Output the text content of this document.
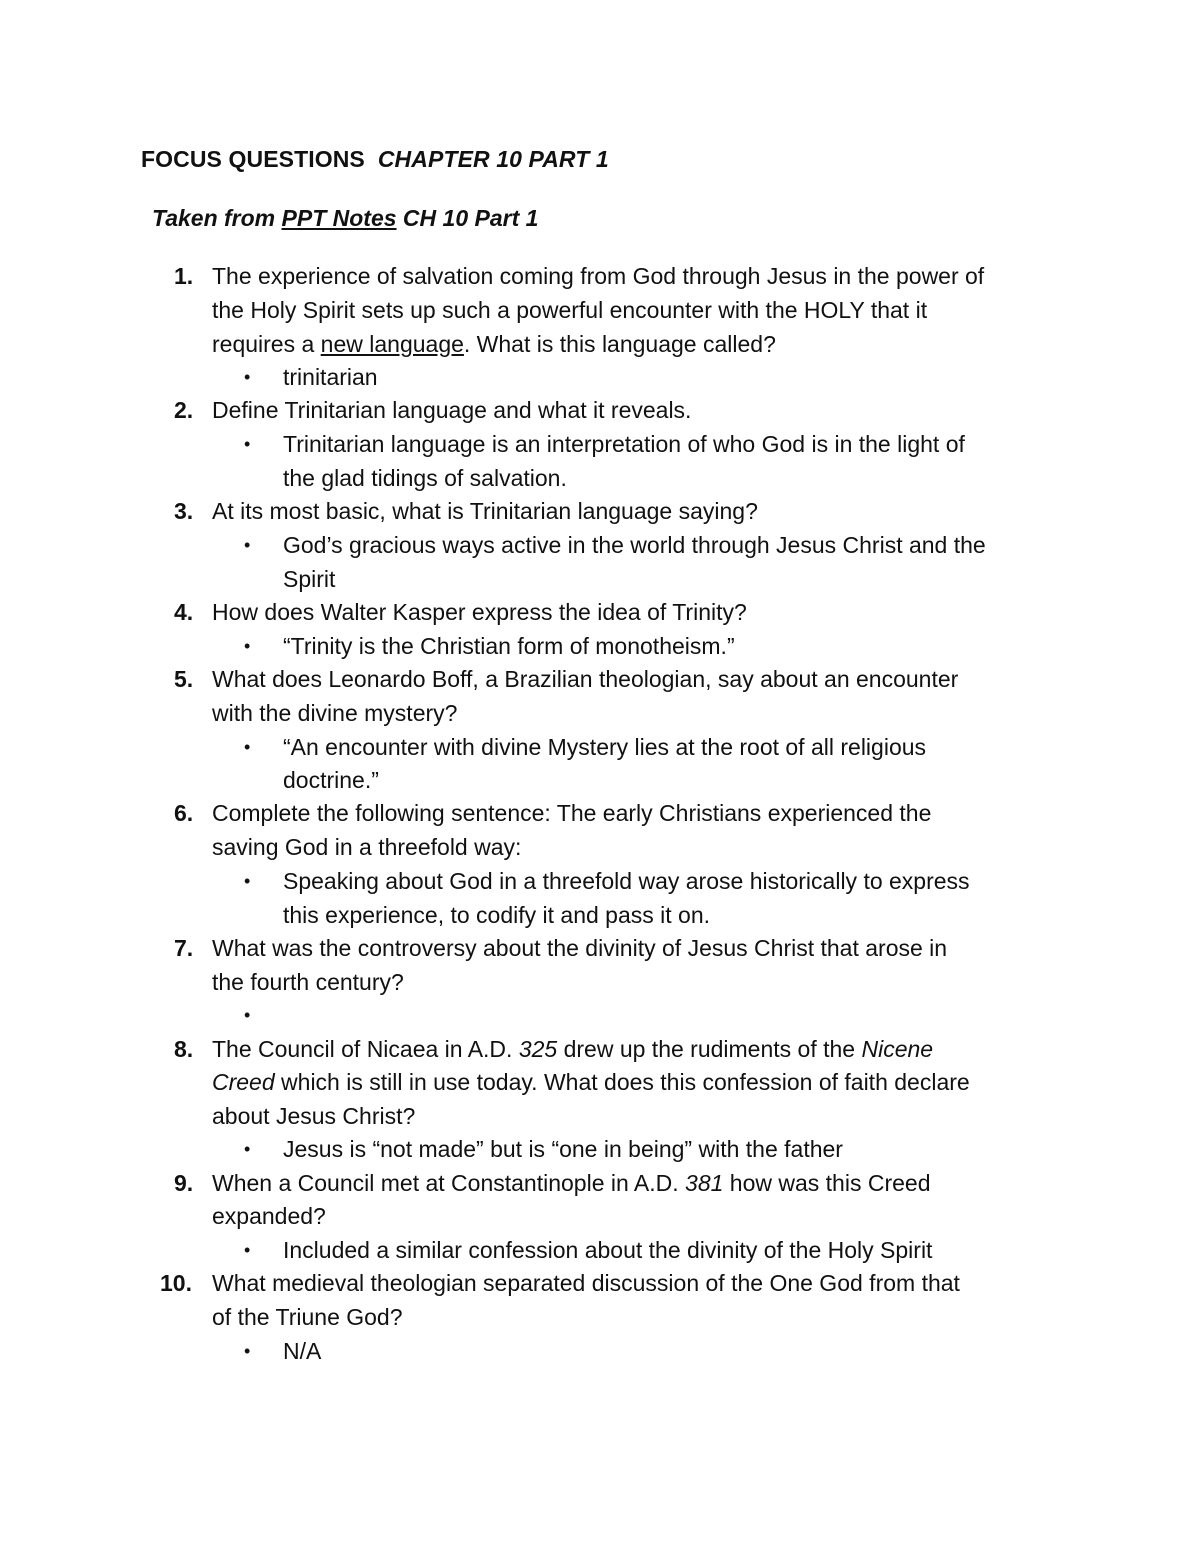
FOCUS QUESTIONS CHAPTER 10 PART 1
Taken from PPT Notes CH 10 Part 1
1. The experience of salvation coming from God through Jesus in the power of
the Holy Spirit sets up such a powerful encounter with the HOLY that it
requires a new language. What is this language called?
• trinitarian
2. Define Trinitarian language and what it reveals.
• Trinitarian language is an interpretation of who God is in the light of
the glad tidings of salvation.
3. At its most basic, what is Trinitarian language saying?
• God’s gracious ways active in the world through Jesus Christ and the
Spirit
4. How does Walter Kasper express the idea of Trinity?
• “Trinity is the Christian form of monotheism.”
5. What does Leonardo Boff, a Brazilian theologian, say about an encounter
with the divine mystery?
• “An encounter with divine Mystery lies at the root of all religious
doctrine.”
6. Complete the following sentence: The early Christians experienced the
saving God in a threefold way:
• Speaking about God in a threefold way arose historically to express
this experience, to codify it and pass it on.
7. What was the controversy about the divinity of Jesus Christ that arose in
the fourth century?
•
8. The Council of Nicaea in A.D. 325 drew up the rudiments of the Nicene
Creed which is still in use today. What does this confession of faith declare
about Jesus Christ?
• Jesus is “not made” but is “one in being” with the father
9. When a Council met at Constantinople in A.D. 381 how was this Creed
expanded?
• Included a similar confession about the divinity of the Holy Spirit
10. What medieval theologian separated discussion of the One God from that
of the Triune God?
• N/A
